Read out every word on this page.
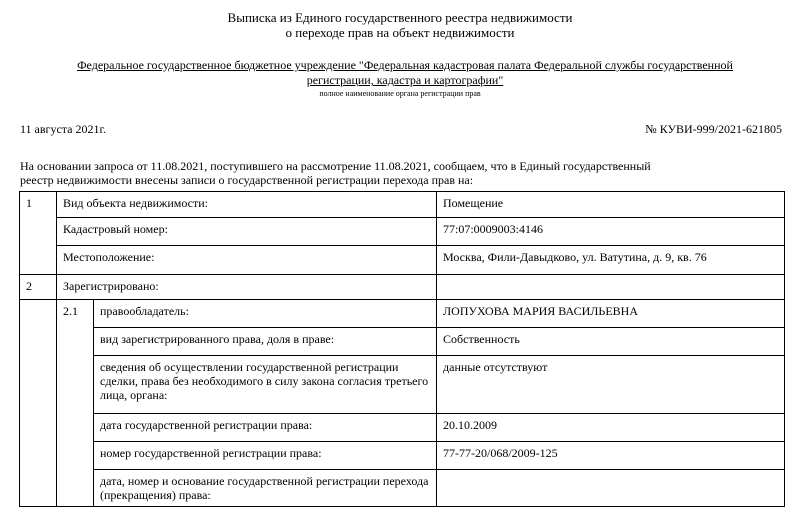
Выписка из Единого государственного реестра недвижимости
о переходе прав на объект недвижимости
Федеральное государственное бюджетное учреждение "Федеральная кадастровая палата Федеральной службы государственной
регистрации, кадастра и картографии"
полное наименование органа регистрации прав
11 августа 2021г.	№ КУВИ-999/2021-621805
На основании запроса от 11.08.2021, поступившего на рассмотрение 11.08.2021, сообщаем, что в Единый государственный
реестр недвижимости внесены записи о государственной регистрации перехода прав на:
1	Вид объекта недвижимости:		Помещение
	Кадастровый номер:		77:07:0009003:4146
	Местоположение:		Москва, Фили-Давыдково, ул. Ватутина, д. 9, кв. 76
2	Зарегистрировано:		
	2.1	правообладатель:	ЛОПУХОВА МАРИЯ ВАСИЛЬЕВНА
		вид зарегистрированного права, доля в праве:	Собственность
		сведения об осуществлении государственной регистрации сделки, права без необходимого в силу закона согласия третьего лица, органа:	данные отсутствуют
		дата государственной регистрации права:	20.10.2009
		номер государственной регистрации права:	77-77-20/068/2009-125
		дата, номер и основание государственной регистрации перехода (прекращения) права:	
